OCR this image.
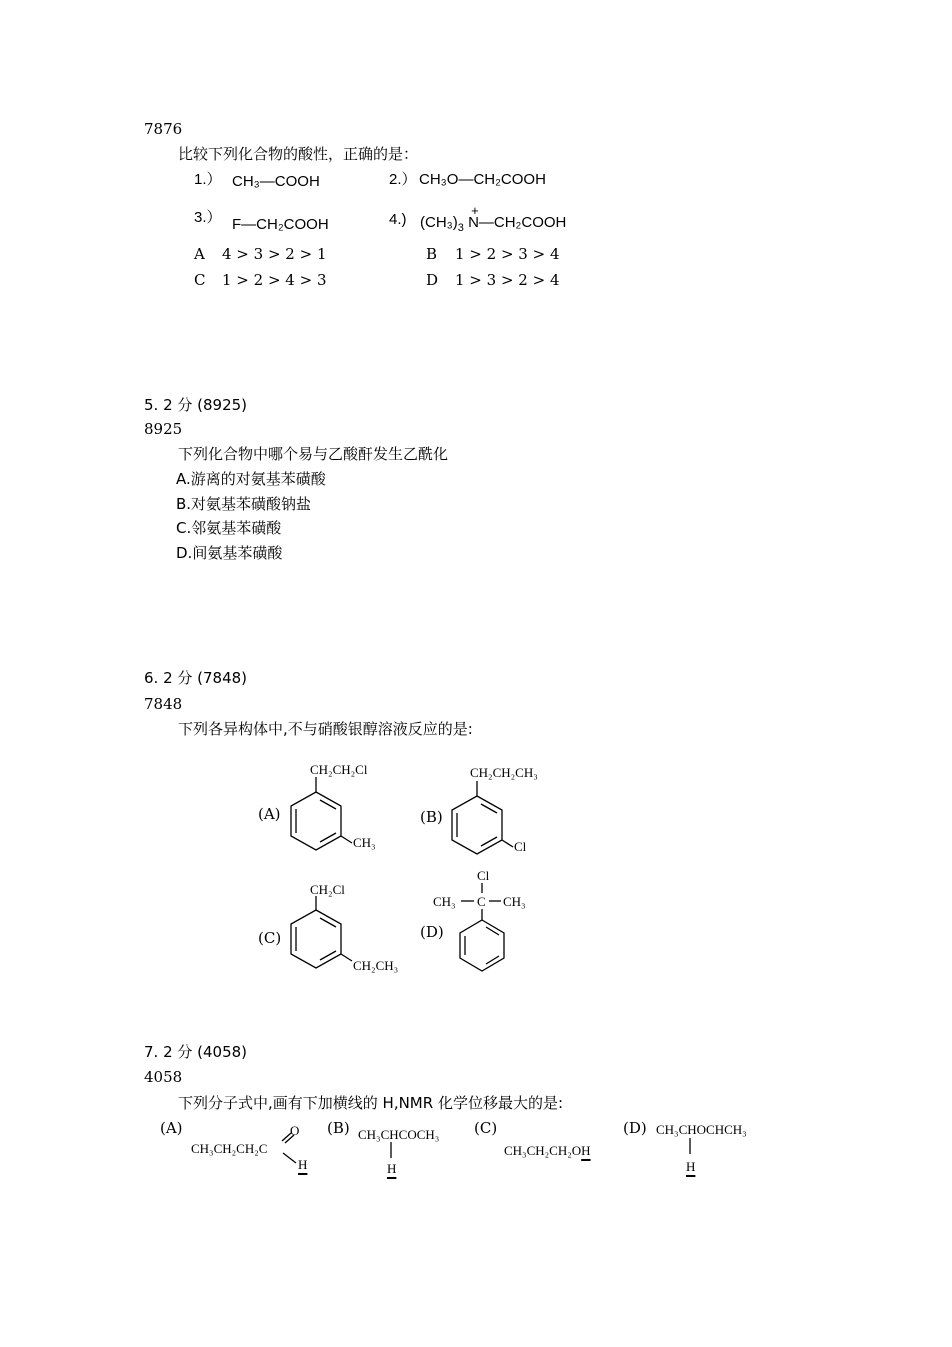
7876
比较下列化合物的酸性，正确的是：
1.） CH₃—COOH	2.） CH₃O—CH₂COOH
3.） F—CH₂COOH	4.) $(CH_3)_3$
+
N—CH₂COOH
A 4 > 3 > 2 > 1	B 1 > 2 > 3 > 4
C 1 > 2 > 4 > 3	D 1 > 3 > 2 > 4
5. 2 分 (8925)
8925
下列化合物中哪个易与乙酸酐发生乙酰化
A.游离的对氨基苯磺酸
B.对氨基苯磺酸钠盐
C.邻氨基苯磺酸
D.间氨基苯磺酸
6. 2 分 (7848)
7848
下列各异构体中,不与硝酸银醇溶液反应的是:
(A)
CH₂CH₂Cl
CH₃
(B)
CH₂CH₂CH₃
Cl
(C)
CH₂Cl
CH₂CH₃
(D)
Cl
CH₃ C CH₃
7. 2 分 (4058)
4058
下列分子式中,画有下加横线的 H,NMR 化学位移最大的是:
(A)
CH₃CH₂CH₂C
O
H
(B) CH₃CHCOCH₃
H
(C)
CH₃CH₂CH₂OH
(D) CH₃CHOCHCH₃
H
